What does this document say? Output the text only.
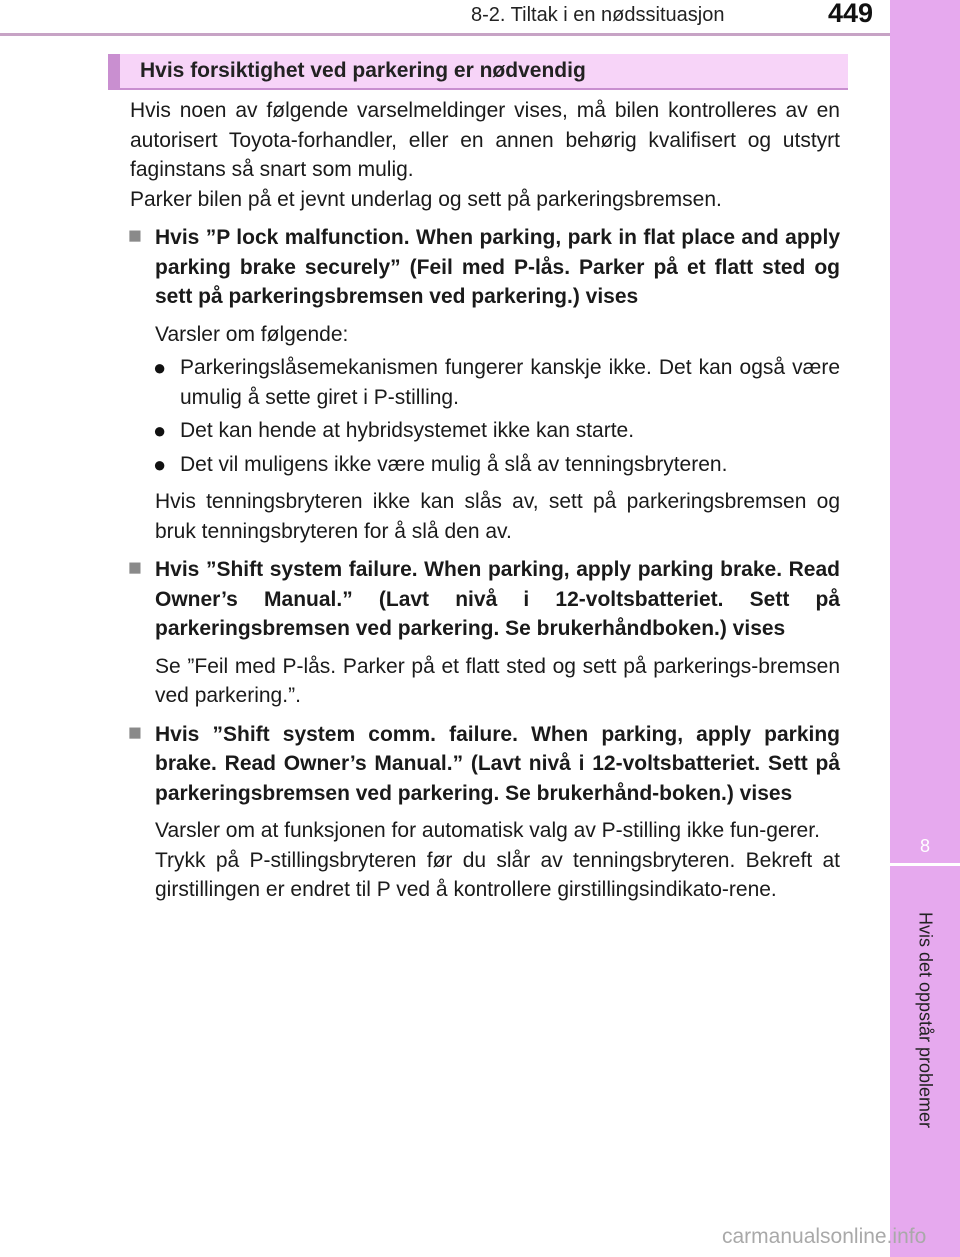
8-2. Tiltak i en nødssituasjon	449
8
Hvis det oppstår problemer
Hvis forsiktighet ved parkering er nødvendig

Hvis noen av følgende varselmeldinger vises, må bilen kontrolleres av en autorisert Toyota-forhandler, eller en annen behørig kvalifisert og utstyrt faginstans så snart som mulig.

Parker bilen på et jevnt underlag og sett på parkeringsbremsen.

■ Hvis ”P lock malfunction. When parking, park in flat place and apply parking brake securely” (Feil med P-lås. Parker på et flatt sted og sett på parkeringsbremsen ved parkering.) vises

Varsler om følgende:

● Parkeringslåsemekanismen fungerer kanskje ikke. Det kan også være umulig å sette giret i P-stilling.
● Det kan hende at hybridsystemet ikke kan starte.
● Det vil muligens ikke være mulig å slå av tenningsbryteren.

Hvis tenningsbryteren ikke kan slås av, sett på parkeringsbremsen og bruk tenningsbryteren for å slå den av.

■ Hvis ”Shift system failure. When parking, apply parking brake. Read Owner’s Manual.” (Lavt nivå i 12-voltsbatteriet. Sett på parkeringsbremsen ved parkering. Se brukerhåndboken.) vises

Se ”Feil med P-lås. Parker på et flatt sted og sett på parkerings-bremsen ved parkering.”.

■ Hvis ”Shift system comm. failure. When parking, apply parking brake. Read Owner’s Manual.” (Lavt nivå i 12-voltsbatteriet. Sett på parkeringsbremsen ved parkering. Se brukerhånd-boken.) vises

Varsler om at funksjonen for automatisk valg av P-stilling ikke fun-gerer.

Trykk på P-stillingsbryteren før du slår av tenningsbryteren. Bekreft at girstillingen er endret til P ved å kontrollere girstillingsindikato-rene.

carmanualsonline.info
